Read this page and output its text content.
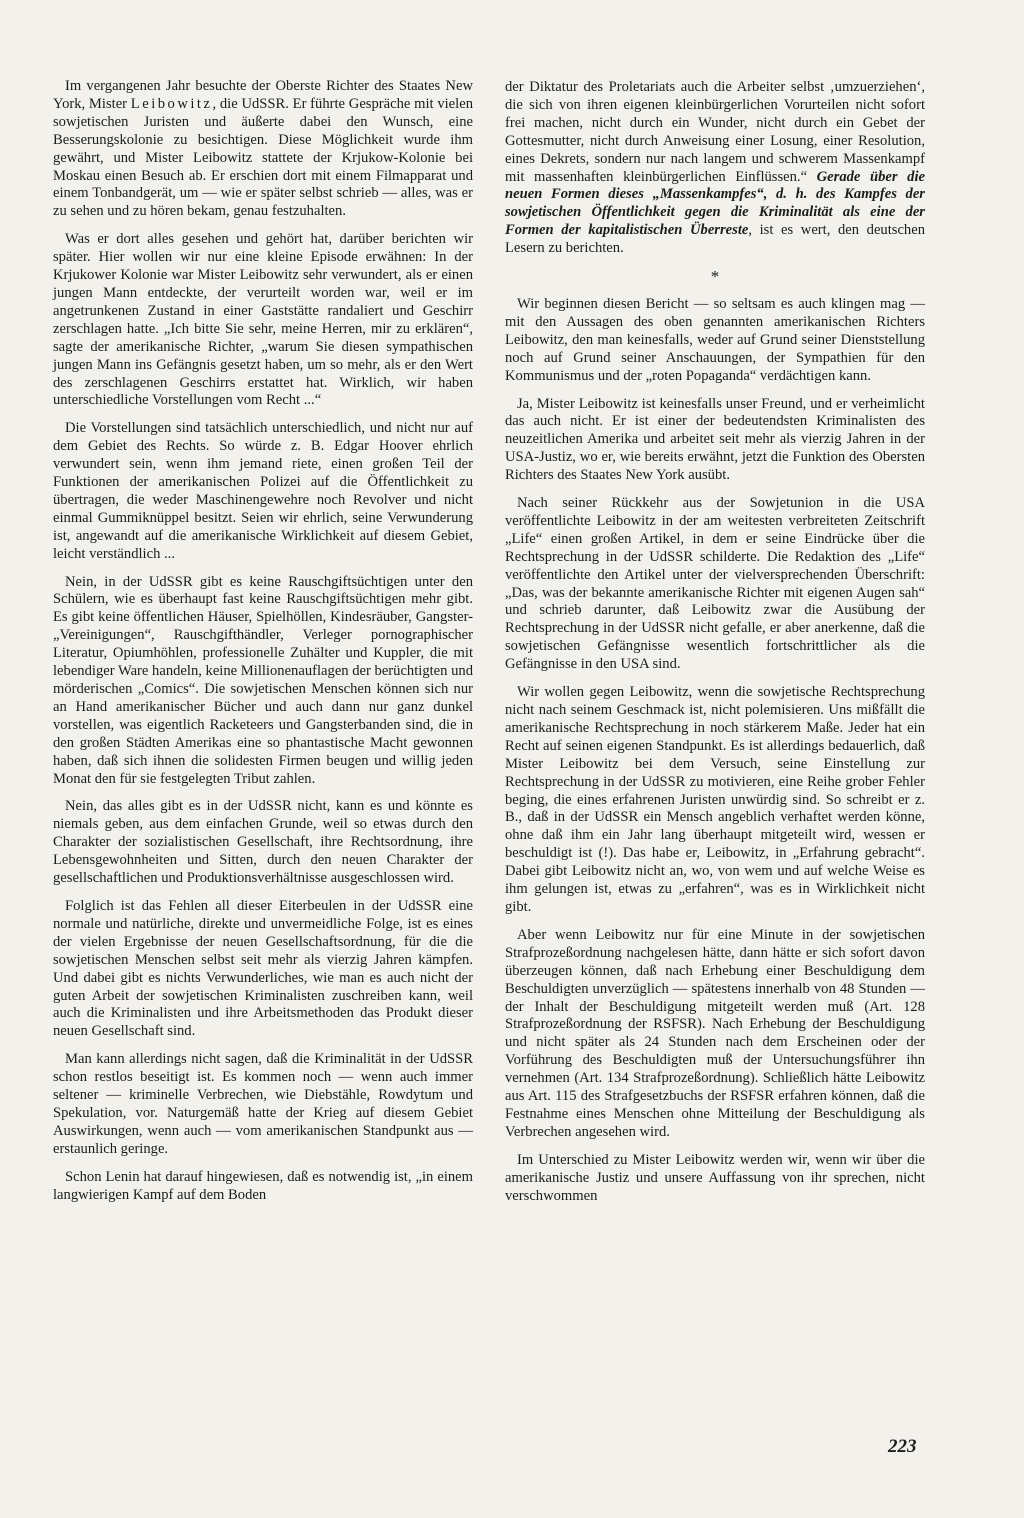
Im vergangenen Jahr besuchte der Oberste Richter des Staates New York, Mister Leibowitz, die UdSSR. Er führte Gespräche mit vielen sowjetischen Juristen und äußerte dabei den Wunsch, eine Besserungskolonie zu besichtigen. Diese Möglichkeit wurde ihm gewährt, und Mister Leibowitz stattete der Krjukow-Kolonie bei Moskau einen Besuch ab. Er erschien dort mit einem Filmapparat und einem Tonbandgerät, um — wie er später selbst schrieb — alles, was er zu sehen und zu hören bekam, genau festzuhalten.

Was er dort alles gesehen und gehört hat, darüber berichten wir später. Hier wollen wir nur eine kleine Episode erwähnen: In der Krjukower Kolonie war Mister Leibowitz sehr verwundert, als er einen jungen Mann entdeckte, der verurteilt worden war, weil er im angetrunkenen Zustand in einer Gaststätte randaliert und Geschirr zerschlagen hatte. „Ich bitte Sie sehr, meine Herren, mir zu erklären“, sagte der amerikanische Richter, „warum Sie diesen sympathischen jungen Mann ins Gefängnis gesetzt haben, um so mehr, als er den Wert des zerschlagenen Geschirrs erstattet hat. Wirklich, wir haben unterschiedliche Vorstellungen vom Recht ...“

Die Vorstellungen sind tatsächlich unterschiedlich, und nicht nur auf dem Gebiet des Rechts. So würde z. B. Edgar Hoover ehrlich verwundert sein, wenn ihm jemand riete, einen großen Teil der Funktionen der amerikanischen Polizei auf die Öffentlichkeit zu übertragen, die weder Maschinengewehre noch Revolver und nicht einmal Gummiknüppel besitzt. Seien wir ehrlich, seine Verwunderung ist, angewandt auf die amerikanische Wirklichkeit auf diesem Gebiet, leicht verständlich ...

Nein, in der UdSSR gibt es keine Rauschgiftsüchtigen unter den Schülern, wie es überhaupt fast keine Rauschgiftsüchtigen mehr gibt. Es gibt keine öffentlichen Häuser, Spielhöllen, Kindesräuber, Gangster-„Vereinigungen“, Rauschgifthändler, Verleger pornographischer Literatur, Opiumhöhlen, professionelle Zuhälter und Kuppler, die mit lebendiger Ware handeln, keine Millionenauflagen der berüchtigten und mörderischen „Comics“. Die sowjetischen Menschen können sich nur an Hand amerikanischer Bücher und auch dann nur ganz dunkel vorstellen, was eigentlich Racketeers und Gangsterbanden sind, die in den großen Städten Amerikas eine so phantastische Macht gewonnen haben, daß sich ihnen die solidesten Firmen beugen und willig jeden Monat den für sie festgelegten Tribut zahlen.

Nein, das alles gibt es in der UdSSR nicht, kann es und könnte es niemals geben, aus dem einfachen Grunde, weil so etwas durch den Charakter der sozialistischen Gesellschaft, ihre Rechtsordnung, ihre Lebensgewohnheiten und Sitten, durch den neuen Charakter der gesellschaftlichen und Produktionsverhältnisse ausgeschlossen wird.

Folglich ist das Fehlen all dieser Eiterbeulen in der UdSSR eine normale und natürliche, direkte und unvermeidliche Folge, ist es eines der vielen Ergebnisse der neuen Gesellschaftsordnung, für die die sowjetischen Menschen selbst seit mehr als vierzig Jahren kämpfen. Und dabei gibt es nichts Verwunderliches, wie man es auch nicht der guten Arbeit der sowjetischen Kriminalisten zuschreiben kann, weil auch die Kriminalisten und ihre Arbeitsmethoden das Produkt dieser neuen Gesellschaft sind.

Man kann allerdings nicht sagen, daß die Kriminalität in der UdSSR schon restlos beseitigt ist. Es kommen noch — wenn auch immer seltener — kriminelle Verbrechen, wie Diebstähle, Rowdytum und Spekulation, vor. Naturgemäß hatte der Krieg auf diesem Gebiet Auswirkungen, wenn auch — vom amerikanischen Standpunkt aus — erstaunlich geringe.

Schon Lenin hat darauf hingewiesen, daß es notwendig ist, „in einem langwierigen Kampf auf dem Boden

der Diktatur des Proletariats auch die Arbeiter selbst ‚umzuerziehen‘, die sich von ihren eigenen kleinbürgerlichen Vorurteilen nicht sofort frei machen, nicht durch ein Wunder, nicht durch ein Gebet der Gottesmutter, nicht durch Anweisung einer Losung, einer Resolution, eines Dekrets, sondern nur nach langem und schwerem Massenkampf mit massenhaften kleinbürgerlichen Einflüssen.“ Gerade über die neuen Formen dieses „Massenkampfes“, d. h. des Kampfes der sowjetischen Öffentlichkeit gegen die Kriminalität als eine der Formen der kapitalistischen Überreste, ist es wert, den deutschen Lesern zu berichten.

*

Wir beginnen diesen Bericht — so seltsam es auch klingen mag — mit den Aussagen des oben genannten amerikanischen Richters Leibowitz, den man keinesfalls, weder auf Grund seiner Dienststellung noch auf Grund seiner Anschauungen, der Sympathien für den Kommunismus und der „roten Popaganda“ verdächtigen kann.

Ja, Mister Leibowitz ist keinesfalls unser Freund, und er verheimlicht das auch nicht. Er ist einer der bedeutendsten Kriminalisten des neuzeitlichen Amerika und arbeitet seit mehr als vierzig Jahren in der USA-Justiz, wo er, wie bereits erwähnt, jetzt die Funktion des Obersten Richters des Staates New York ausübt.

Nach seiner Rückkehr aus der Sowjetunion in die USA veröffentlichte Leibowitz in der am weitesten verbreiteten Zeitschrift „Life“ einen großen Artikel, in dem er seine Eindrücke über die Rechtsprechung in der UdSSR schilderte. Die Redaktion des „Life“ veröffentlichte den Artikel unter der vielversprechenden Überschrift: „Das, was der bekannte amerikanische Richter mit eigenen Augen sah“ und schrieb darunter, daß Leibowitz zwar die Ausübung der Rechtsprechung in der UdSSR nicht gefalle, er aber anerkenne, daß die sowjetischen Gefängnisse wesentlich fortschrittlicher als die Gefängnisse in den USA sind.

Wir wollen gegen Leibowitz, wenn die sowjetische Rechtsprechung nicht nach seinem Geschmack ist, nicht polemisieren. Uns mißfällt die amerikanische Rechtsprechung in noch stärkerem Maße. Jeder hat ein Recht auf seinen eigenen Standpunkt. Es ist allerdings bedauerlich, daß Mister Leibowitz bei dem Versuch, seine Einstellung zur Rechtsprechung in der UdSSR zu motivieren, eine Reihe grober Fehler beging, die eines erfahrenen Juristen unwürdig sind. So schreibt er z. B., daß in der UdSSR ein Mensch angeblich verhaftet werden könne, ohne daß ihm ein Jahr lang überhaupt mitgeteilt wird, wessen er beschuldigt ist (!). Das habe er, Leibowitz, in „Erfahrung gebracht“. Dabei gibt Leibowitz nicht an, wo, von wem und auf welche Weise es ihm gelungen ist, etwas zu „erfahren“, was es in Wirklichkeit nicht gibt.

Aber wenn Leibowitz nur für eine Minute in der sowjetischen Strafprozeßordnung nachgelesen hätte, dann hätte er sich sofort davon überzeugen können, daß nach Erhebung einer Beschuldigung dem Beschuldigten unverzüglich — spätestens innerhalb von 48 Stunden — der Inhalt der Beschuldigung mitgeteilt werden muß (Art. 128 Strafprozeßordnung der RSFSR). Nach Erhebung der Beschuldigung und nicht später als 24 Stunden nach dem Erscheinen oder der Vorführung des Beschuldigten muß der Untersuchungsführer ihn vernehmen (Art. 134 Strafprozeßordnung). Schließlich hätte Leibowitz aus Art. 115 des Strafgesetzbuchs der RSFSR erfahren können, daß die Festnahme eines Menschen ohne Mitteilung der Beschuldigung als Verbrechen angesehen wird.

Im Unterschied zu Mister Leibowitz werden wir, wenn wir über die amerikanische Justiz und unsere Auffassung von ihr sprechen, nicht verschwommen

223
